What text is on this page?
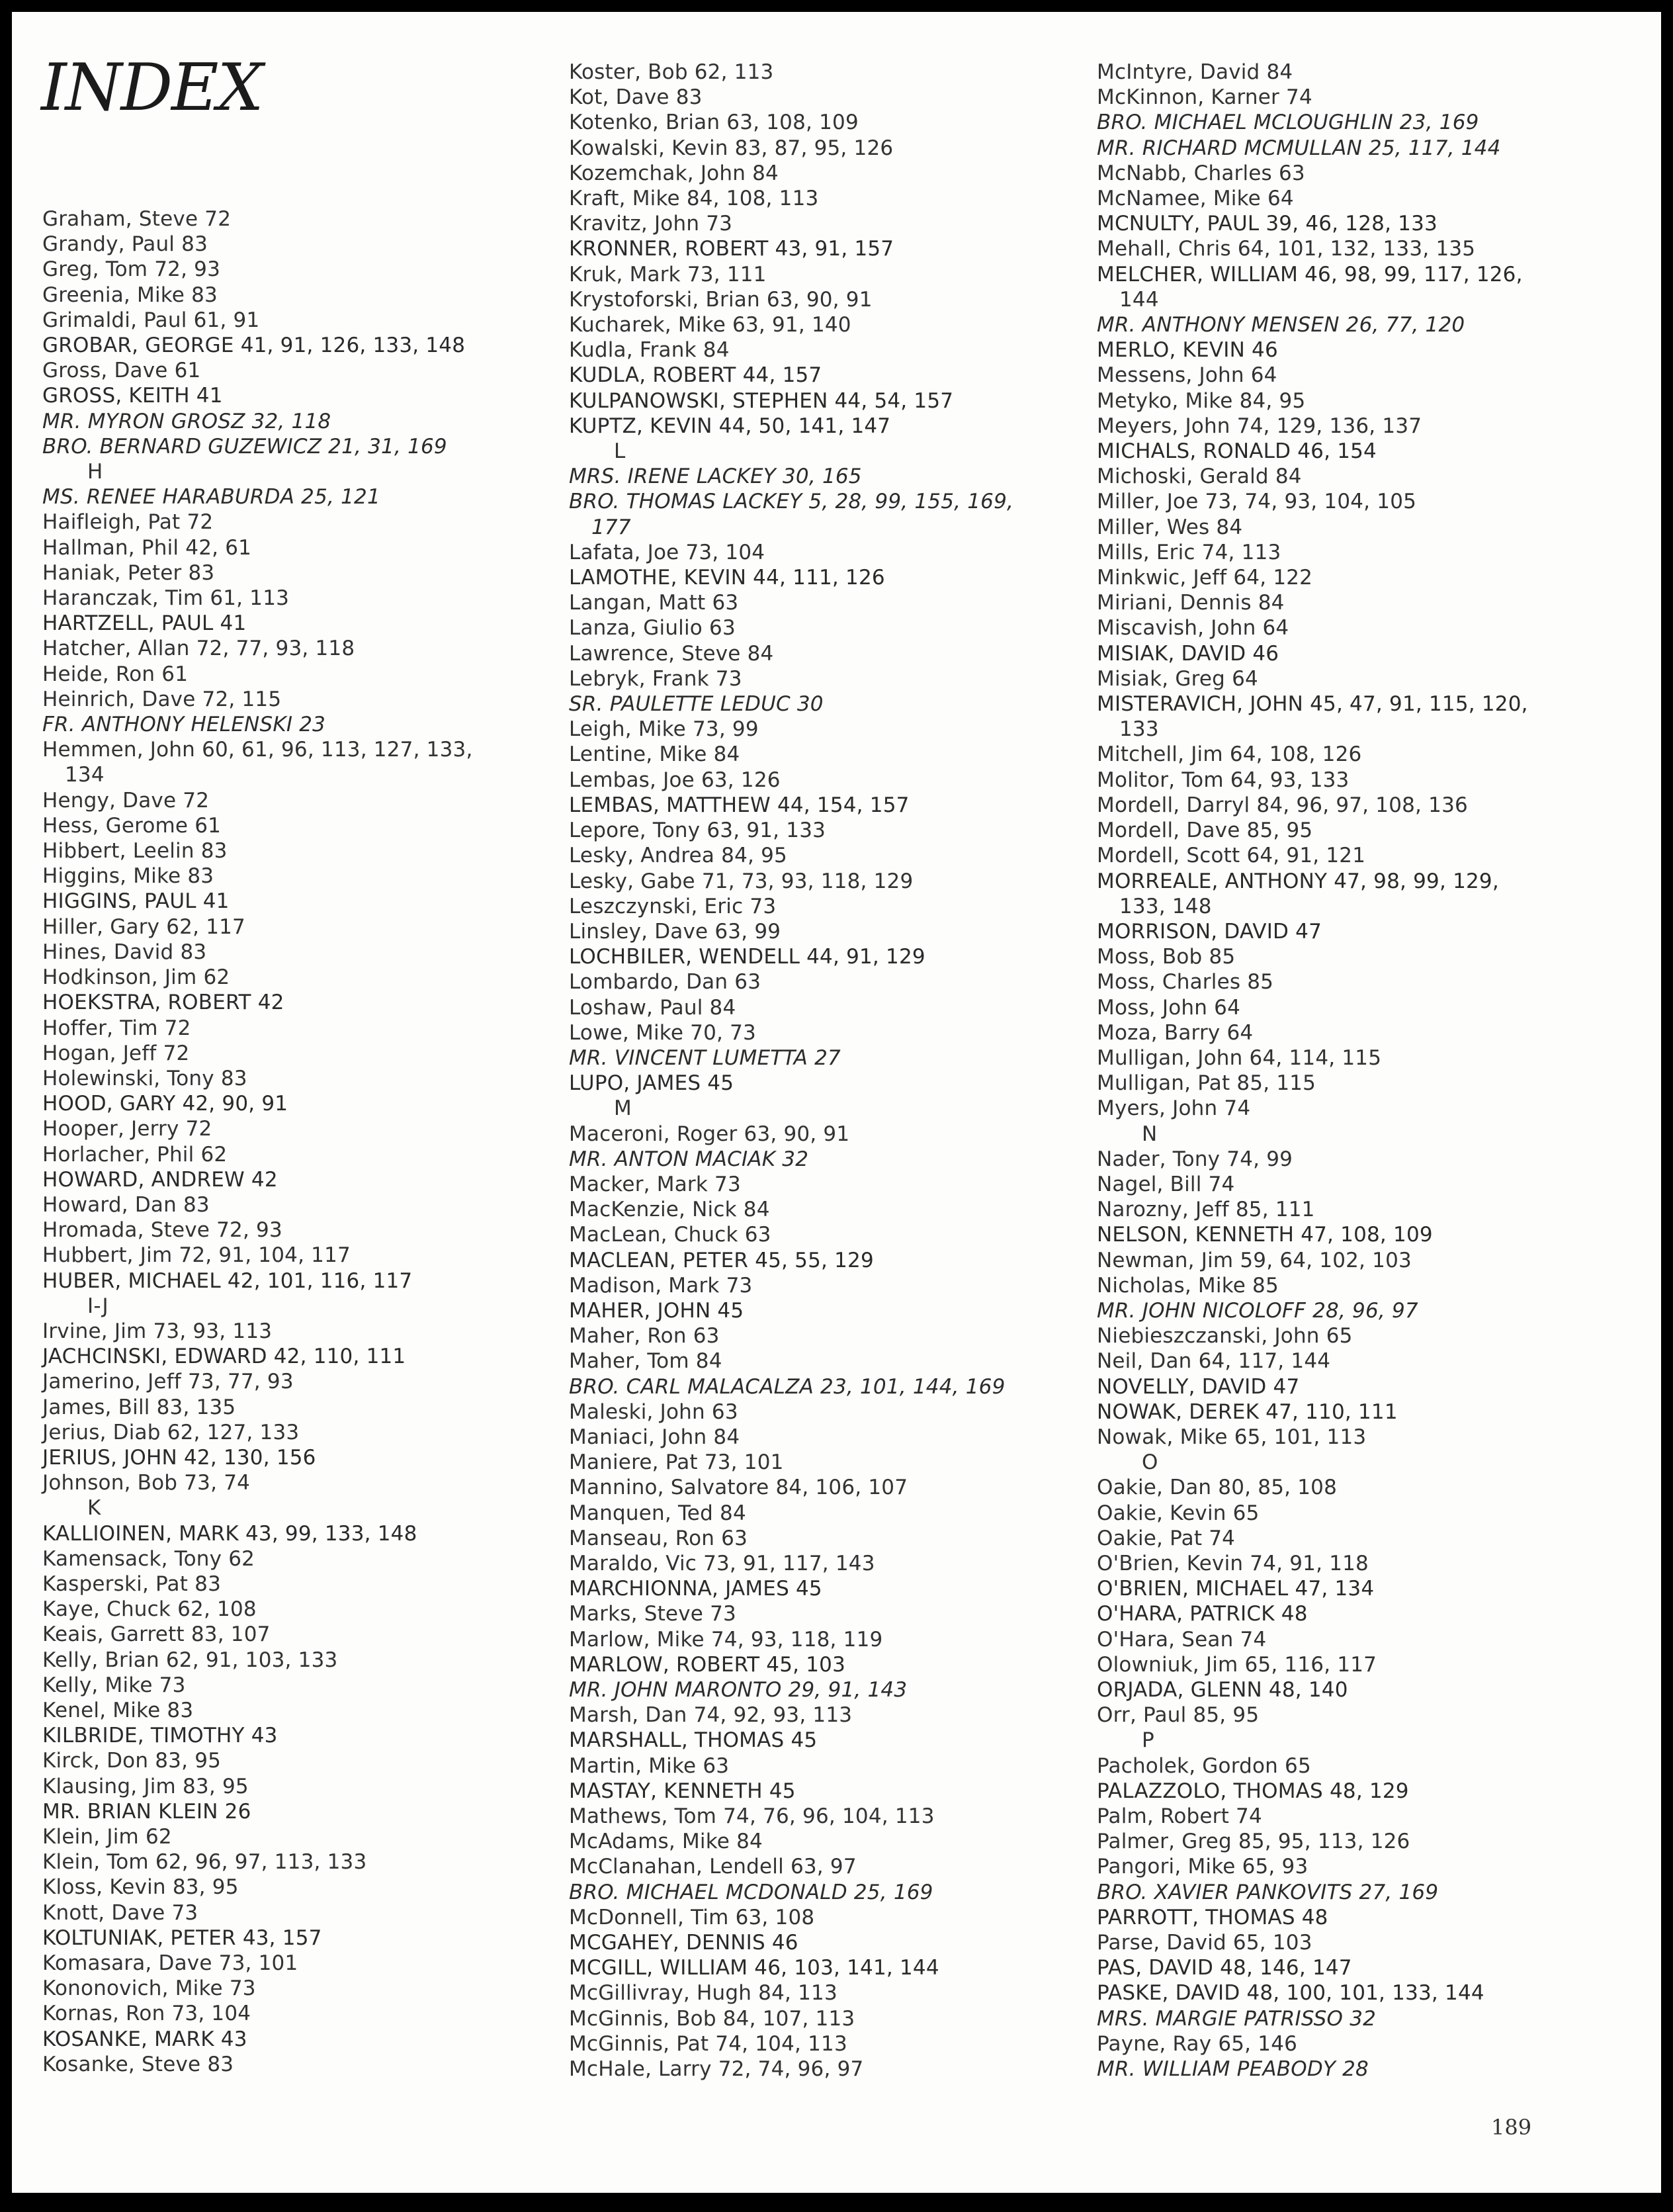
INDEX
Graham, Steve 72
Grandy, Paul 83
Greg, Tom 72, 93
Greenia, Mike 83
Grimaldi, Paul 61, 91
GROBAR, GEORGE 41, 91, 126, 133, 148
Gross, Dave 61
GROSS, KEITH 41
MR. MYRON GROSZ 32, 118
BRO. BERNARD GUZEWICZ 21, 31, 169
H
MS. RENEE HARABURDA 25, 121
Haifleigh, Pat 72
Hallman, Phil 42, 61
Haniak, Peter 83
Haranczak, Tim 61, 113
HARTZELL, PAUL 41
Hatcher, Allan 72, 77, 93, 118
Heide, Ron 61
Heinrich, Dave 72, 115
FR. ANTHONY HELENSKI 23
Hemmen, John 60, 61, 96, 113, 127, 133,
134
Hengy, Dave 72
Hess, Gerome 61
Hibbert, Leelin 83
Higgins, Mike 83
HIGGINS, PAUL 41
Hiller, Gary 62, 117
Hines, David 83
Hodkinson, Jim 62
HOEKSTRA, ROBERT 42
Hoffer, Tim 72
Hogan, Jeff 72
Holewinski, Tony 83
HOOD, GARY 42, 90, 91
Hooper, Jerry 72
Horlacher, Phil 62
HOWARD, ANDREW 42
Howard, Dan 83
Hromada, Steve 72, 93
Hubbert, Jim 72, 91, 104, 117
HUBER, MICHAEL 42, 101, 116, 117
I-J
Irvine, Jim 73, 93, 113
JACHCINSKI, EDWARD 42, 110, 111
Jamerino, Jeff 73, 77, 93
James, Bill 83, 135
Jerius, Diab 62, 127, 133
JERIUS, JOHN 42, 130, 156
Johnson, Bob 73, 74
K
KALLIOINEN, MARK 43, 99, 133, 148
Kamensack, Tony 62
Kasperski, Pat 83
Kaye, Chuck 62, 108
Keais, Garrett 83, 107
Kelly, Brian 62, 91, 103, 133
Kelly, Mike 73
Kenel, Mike 83
KILBRIDE, TIMOTHY 43
Kirck, Don 83, 95
Klausing, Jim 83, 95
MR. BRIAN KLEIN 26
Klein, Jim 62
Klein, Tom 62, 96, 97, 113, 133
Kloss, Kevin 83, 95
Knott, Dave 73
KOLTUNIAK, PETER 43, 157
Komasara, Dave 73, 101
Kononovich, Mike 73
Kornas, Ron 73, 104
KOSANKE, MARK 43
Kosanke, Steve 83
Koster, Bob 62, 113
Kot, Dave 83
Kotenko, Brian 63, 108, 109
Kowalski, Kevin 83, 87, 95, 126
Kozemchak, John 84
Kraft, Mike 84, 108, 113
Kravitz, John 73
KRONNER, ROBERT 43, 91, 157
Kruk, Mark 73, 111
Krystoforski, Brian 63, 90, 91
Kucharek, Mike 63, 91, 140
Kudla, Frank 84
KUDLA, ROBERT 44, 157
KULPANOWSKI, STEPHEN 44, 54, 157
KUPTZ, KEVIN 44, 50, 141, 147
L
MRS. IRENE LACKEY 30, 165
BRO. THOMAS LACKEY 5, 28, 99, 155, 169,
177
Lafata, Joe 73, 104
LAMOTHE, KEVIN 44, 111, 126
Langan, Matt 63
Lanza, Giulio 63
Lawrence, Steve 84
Lebryk, Frank 73
SR. PAULETTE LEDUC 30
Leigh, Mike 73, 99
Lentine, Mike 84
Lembas, Joe 63, 126
LEMBAS, MATTHEW 44, 154, 157
Lepore, Tony 63, 91, 133
Lesky, Andrea 84, 95
Lesky, Gabe 71, 73, 93, 118, 129
Leszczynski, Eric 73
Linsley, Dave 63, 99
LOCHBILER, WENDELL 44, 91, 129
Lombardo, Dan 63
Loshaw, Paul 84
Lowe, Mike 70, 73
MR. VINCENT LUMETTA 27
LUPO, JAMES 45
M
Maceroni, Roger 63, 90, 91
MR. ANTON MACIAK 32
Macker, Mark 73
MacKenzie, Nick 84
MacLean, Chuck 63
MACLEAN, PETER 45, 55, 129
Madison, Mark 73
MAHER, JOHN 45
Maher, Ron 63
Maher, Tom 84
BRO. CARL MALACALZA 23, 101, 144, 169
Maleski, John 63
Maniaci, John 84
Maniere, Pat 73, 101
Mannino, Salvatore 84, 106, 107
Manquen, Ted 84
Manseau, Ron 63
Maraldo, Vic 73, 91, 117, 143
MARCHIONNA, JAMES 45
Marks, Steve 73
Marlow, Mike 74, 93, 118, 119
MARLOW, ROBERT 45, 103
MR. JOHN MARONTO 29, 91, 143
Marsh, Dan 74, 92, 93, 113
MARSHALL, THOMAS 45
Martin, Mike 63
MASTAY, KENNETH 45
Mathews, Tom 74, 76, 96, 104, 113
McAdams, Mike 84
McClanahan, Lendell 63, 97
BRO. MICHAEL MCDONALD 25, 169
McDonnell, Tim 63, 108
MCGAHEY, DENNIS 46
MCGILL, WILLIAM 46, 103, 141, 144
McGillivray, Hugh 84, 113
McGinnis, Bob 84, 107, 113
McGinnis, Pat 74, 104, 113
McHale, Larry 72, 74, 96, 97
McIntyre, David 84
McKinnon, Karner 74
BRO. MICHAEL MCLOUGHLIN 23, 169
MR. RICHARD MCMULLAN 25, 117, 144
McNabb, Charles 63
McNamee, Mike 64
MCNULTY, PAUL 39, 46, 128, 133
Mehall, Chris 64, 101, 132, 133, 135
MELCHER, WILLIAM 46, 98, 99, 117, 126,
144
MR. ANTHONY MENSEN 26, 77, 120
MERLO, KEVIN 46
Messens, John 64
Metyko, Mike 84, 95
Meyers, John 74, 129, 136, 137
MICHALS, RONALD 46, 154
Michoski, Gerald 84
Miller, Joe 73, 74, 93, 104, 105
Miller, Wes 84
Mills, Eric 74, 113
Minkwic, Jeff 64, 122
Miriani, Dennis 84
Miscavish, John 64
MISIAK, DAVID 46
Misiak, Greg 64
MISTERAVICH, JOHN 45, 47, 91, 115, 120,
133
Mitchell, Jim 64, 108, 126
Molitor, Tom 64, 93, 133
Mordell, Darryl 84, 96, 97, 108, 136
Mordell, Dave 85, 95
Mordell, Scott 64, 91, 121
MORREALE, ANTHONY 47, 98, 99, 129,
133, 148
MORRISON, DAVID 47
Moss, Bob 85
Moss, Charles 85
Moss, John 64
Moza, Barry 64
Mulligan, John 64, 114, 115
Mulligan, Pat 85, 115
Myers, John 74
N
Nader, Tony 74, 99
Nagel, Bill 74
Narozny, Jeff 85, 111
NELSON, KENNETH 47, 108, 109
Newman, Jim 59, 64, 102, 103
Nicholas, Mike 85
MR. JOHN NICOLOFF 28, 96, 97
Niebieszczanski, John 65
Neil, Dan 64, 117, 144
NOVELLY, DAVID 47
NOWAK, DEREK 47, 110, 111
Nowak, Mike 65, 101, 113
O
Oakie, Dan 80, 85, 108
Oakie, Kevin 65
Oakie, Pat 74
O'Brien, Kevin 74, 91, 118
O'BRIEN, MICHAEL 47, 134
O'HARA, PATRICK 48
O'Hara, Sean 74
Olowniuk, Jim 65, 116, 117
ORJADA, GLENN 48, 140
Orr, Paul 85, 95
P
Pacholek, Gordon 65
PALAZZOLO, THOMAS 48, 129
Palm, Robert 74
Palmer, Greg 85, 95, 113, 126
Pangori, Mike 65, 93
BRO. XAVIER PANKOVITS 27, 169
PARROTT, THOMAS 48
Parse, David 65, 103
PAS, DAVID 48, 146, 147
PASKE, DAVID 48, 100, 101, 133, 144
MRS. MARGIE PATRISSO 32
Payne, Ray 65, 146
MR. WILLIAM PEABODY 28
189
